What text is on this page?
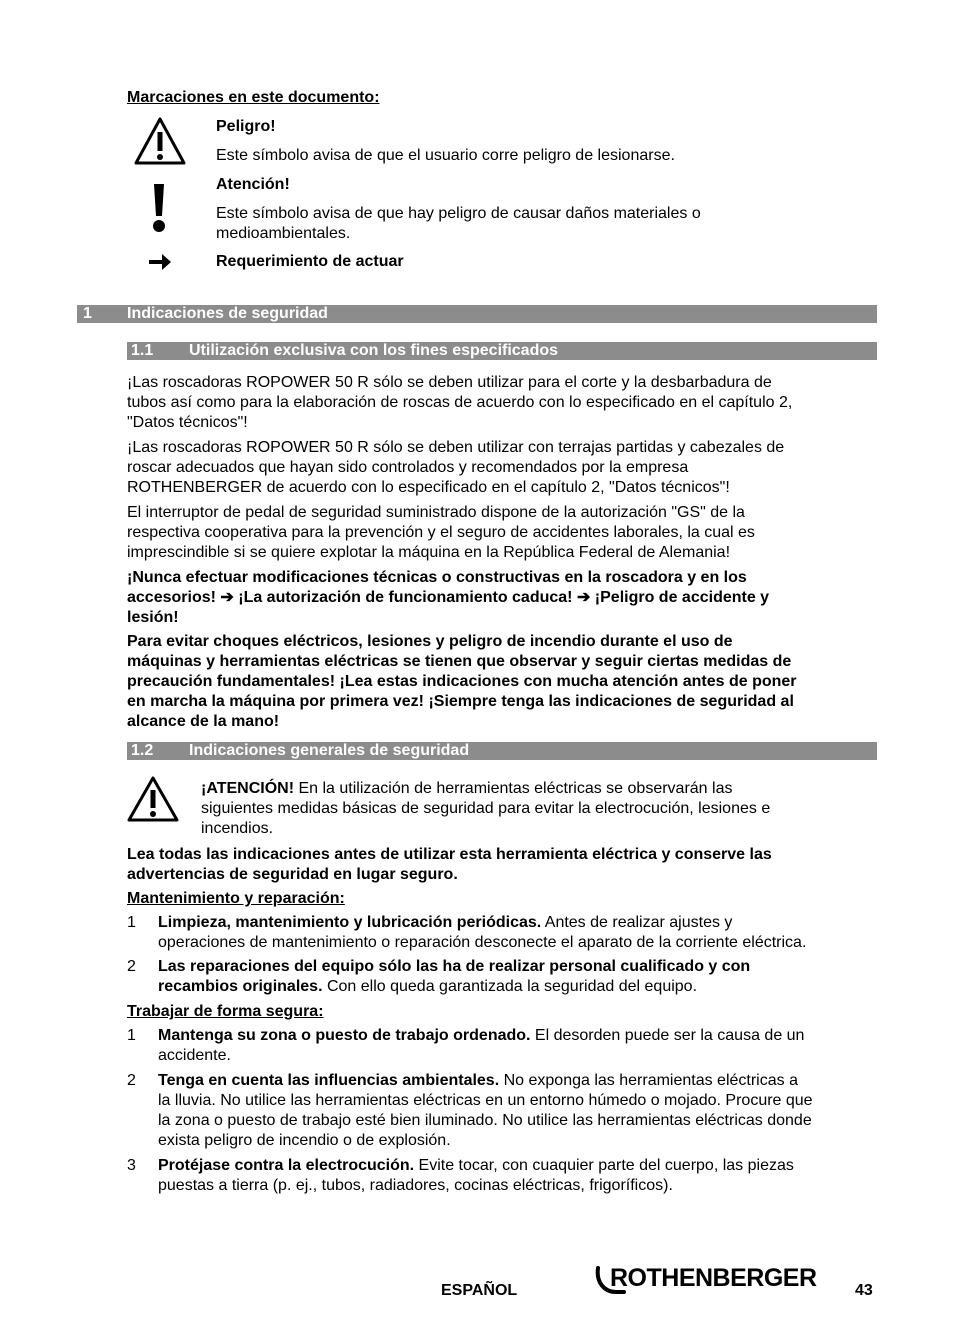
Marcaciones en este documento:
Peligro!
Este símbolo avisa de que el usuario corre peligro de lesionarse.
Atención!
Este símbolo avisa de que hay peligro de causar daños materiales o
medioambientales.
Requerimiento de actuar
1 Indicaciones de seguridad
1.1 Utilización exclusiva con los fines especificados

¡Las roscadoras ROPOWER 50 R sólo se deben utilizar para el corte y la desbarbadura de

tubos así como para la elaboración de roscas de acuerdo con lo especificado en el capítulo 2,

"Datos técnicos"!

¡Las roscadoras ROPOWER 50 R sólo se deben utilizar con terrajas partidas y cabezales de

roscar adecuados que hayan sido controlados y recomendados por la empresa

ROTHENBERGER de acuerdo con lo especificado en el capítulo 2, "Datos técnicos"!

El interruptor de pedal de seguridad suministrado dispone de la autorización "GS" de la

respectiva cooperativa para la prevención y el seguro de accidentes laborales, la cual es

imprescindible si se quiere explotar la máquina en la República Federal de Alemania!

¡Nunca efectuar modificaciones técnicas o constructivas en la roscadora y en los

accesorios! ➔ ¡La autorización de funcionamiento caduca! ➔ ¡Peligro de accidente y

lesión!

Para evitar choques eléctricos, lesiones y peligro de incendio durante el uso de

máquinas y herramientas eléctricas se tienen que observar y seguir ciertas medidas de

precaución fundamentales! ¡Lea estas indicaciones con mucha atención antes de poner

en marcha la máquina por primera vez! ¡Siempre tenga las indicaciones de seguridad al

alcance de la mano!

1.2 Indicaciones generales de seguridad
¡ATENCIÓN! En la utilización de herramientas eléctricas se observarán las
siguientes medidas básicas de seguridad para evitar la electrocución, lesiones e
incendios.

Lea todas las indicaciones antes de utilizar esta herramienta eléctrica y conserve las

advertencias de seguridad en lugar seguro.

Mantenimiento y reparación:
1 Limpieza, mantenimiento y lubricación periódicas. Antes de realizar ajustes y
operaciones de mantenimiento o reparación desconecte el aparato de la corriente eléctrica.
2 Las reparaciones del equipo sólo las ha de realizar personal cualificado y con
recambios originales. Con ello queda garantizada la seguridad del equipo.
Trabajar de forma segura:
1 Mantenga su zona o puesto de trabajo ordenado. El desorden puede ser la causa de un
accidente.
2 Tenga en cuenta las influencias ambientales. No exponga las herramientas eléctricas a
la lluvia. No utilice las herramientas eléctricas en un entorno húmedo o mojado. Procure que
la zona o puesto de trabajo esté bien iluminado. No utilice las herramientas eléctricas donde
exista peligro de incendio o de explosión.
3 Protéjase contra la electrocución. Evite tocar, con cuaquier parte del cuerpo, las piezas
puestas a tierra (p. ej., tubos, radiadores, cocinas eléctricas, frigoríficos).
ESPAÑOL	ROTHENBERGER 43
